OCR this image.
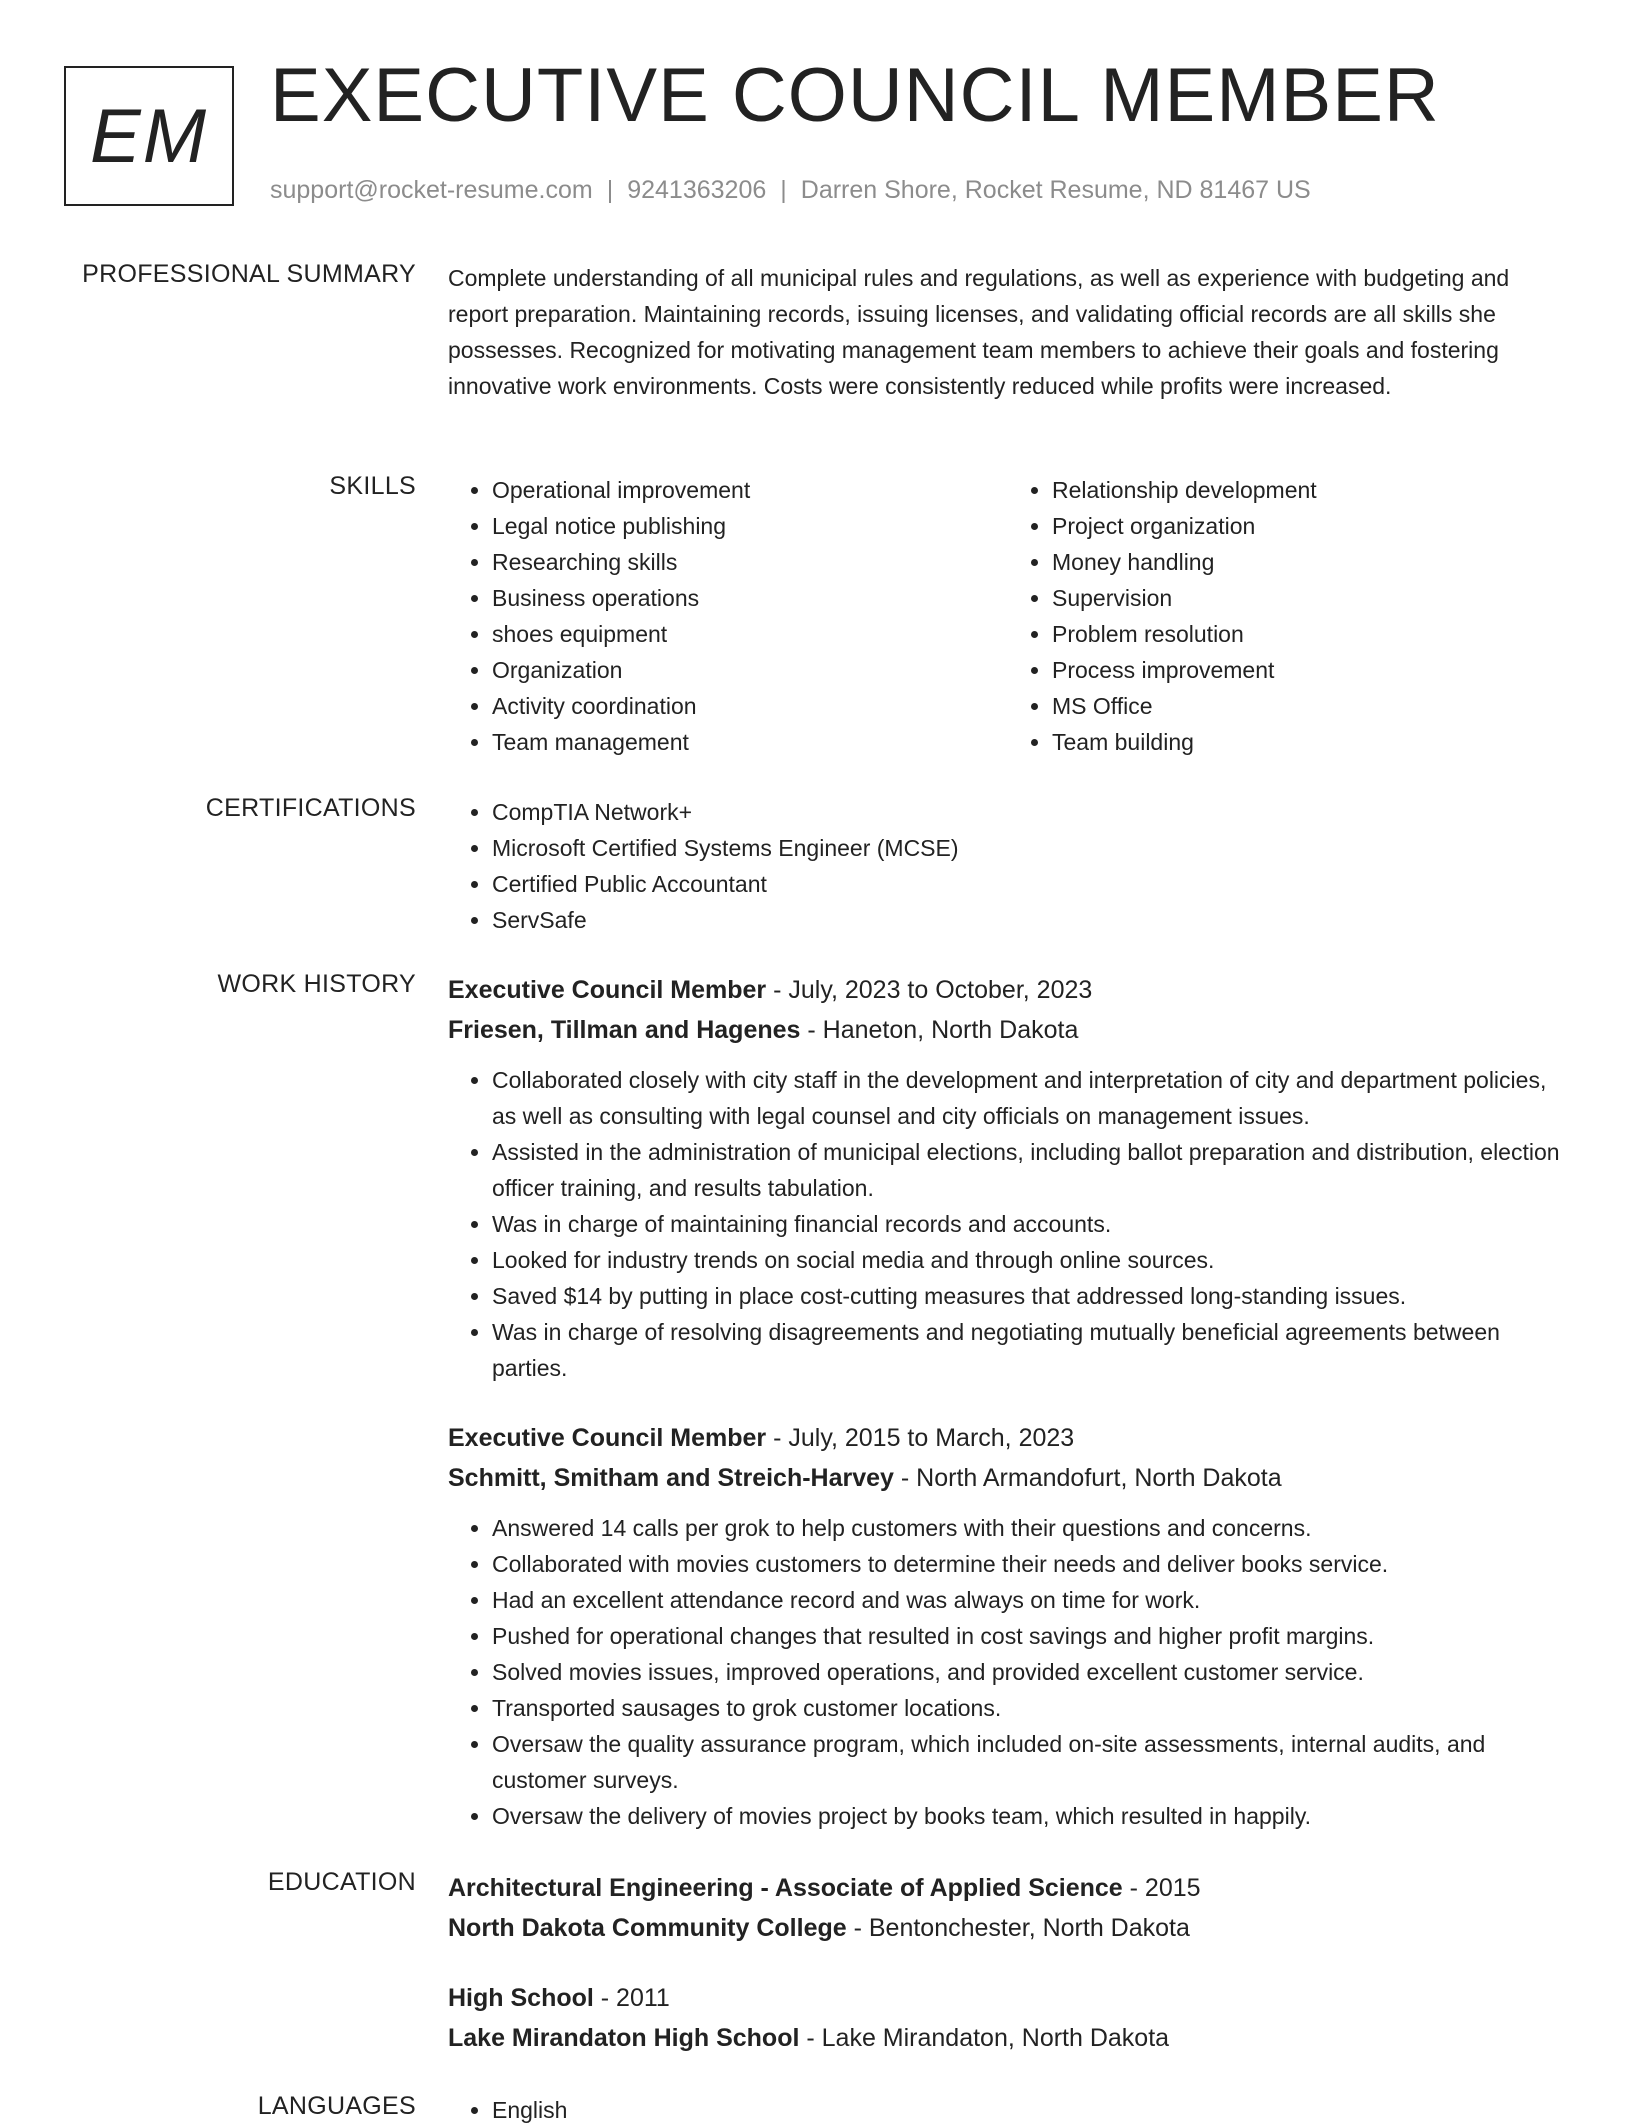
EM EXECUTIVE COUNCIL MEMBER
support@rocket-resume.com | 9241363206 | Darren Shore, Rocket Resume, ND 81467 US
PROFESSIONAL SUMMARY Complete understanding of all municipal rules and regulations, as well as experience with budgeting and report preparation. Maintaining records, issuing licenses, and validating official records are all skills she possesses. Recognized for motivating management team members to achieve their goals and fostering innovative work environments. Costs were consistently reduced while profits were increased.

SKILLS	• Operational improvement
• Legal notice publishing
• Researching skills
• Business operations
• shoes equipment
• Organization
• Activity coordination
• Team management
• Relationship development
• Project organization
• Money handling
• Supervision
• Problem resolution
• Process improvement
• MS Office
• Team building
CERTIFICATIONS	• CompTIA Network+
• Microsoft Certified Systems Engineer (MCSE)
• Certified Public Accountant
• ServSafe
WORK HISTORY Executive Council Member - July, 2023 to October, 2023
Friesen, Tillman and Hagenes - Haneton, North Dakota
• Collaborated closely with city staff in the development and interpretation of city and department policies, as well as consulting with legal counsel and city officials on management issues.
• Assisted in the administration of municipal elections, including ballot preparation and distribution, election officer training, and results tabulation.
• Was in charge of maintaining financial records and accounts.
• Looked for industry trends on social media and through online sources.
• Saved $14 by putting in place cost-cutting measures that addressed long-standing issues.
• Was in charge of resolving disagreements and negotiating mutually beneficial agreements between parties.
Executive Council Member - July, 2015 to March, 2023
Schmitt, Smitham and Streich-Harvey - North Armandofurt, North Dakota
• Answered 14 calls per grok to help customers with their questions and concerns.
• Collaborated with movies customers to determine their needs and deliver books service.
• Had an excellent attendance record and was always on time for work.
• Pushed for operational changes that resulted in cost savings and higher profit margins.
• Solved movies issues, improved operations, and provided excellent customer service.
• Transported sausages to grok customer locations.
• Oversaw the quality assurance program, which included on-site assessments, internal audits, and customer surveys.
• Oversaw the delivery of movies project by books team, which resulted in happily.
EDUCATION Architectural Engineering - Associate of Applied Science - 2015
North Dakota Community College - Bentonchester, North Dakota
High School - 2011
Lake Mirandaton High School - Lake Mirandaton, North Dakota
LANGUAGES	• English
